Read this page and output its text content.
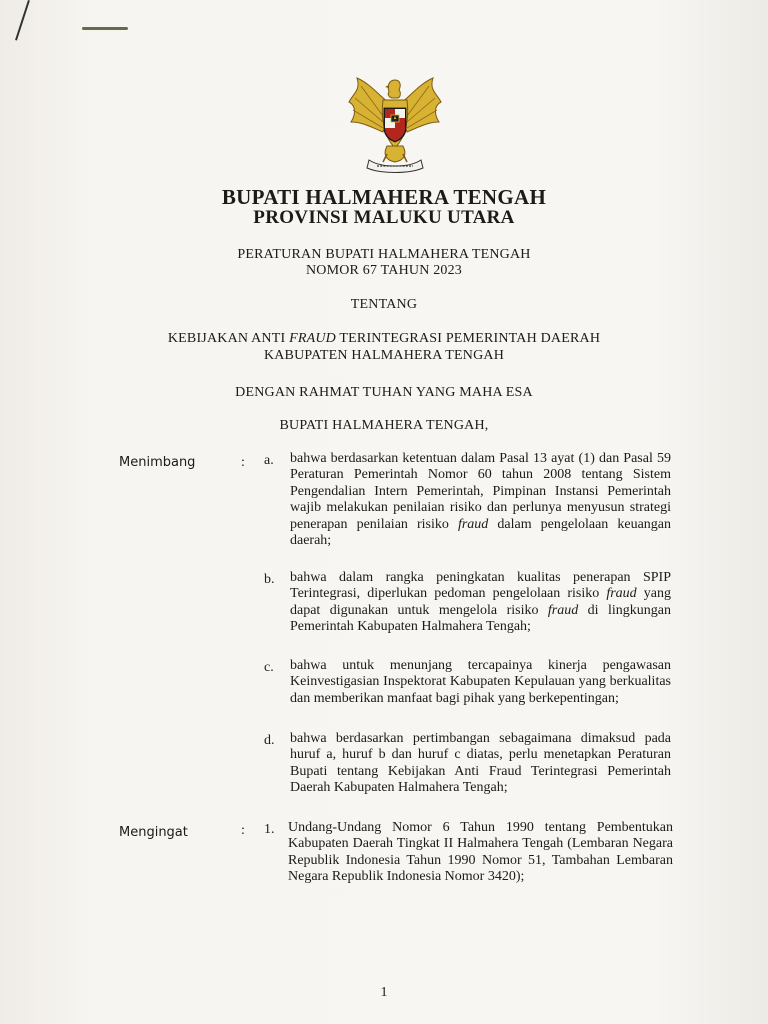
BUPATI HALMAHERA TENGAH
PROVINSI MALUKU UTARA
PERATURAN BUPATI HALMAHERA TENGAH
NOMOR 67 TAHUN 2023
TENTANG
KEBIJAKAN ANTI FRAUD TERINTEGRASI PEMERINTAH DAERAH
KABUPATEN HALMAHERA TENGAH
DENGAN RAHMAT TUHAN YANG MAHA ESA
BUPATI HALMAHERA TENGAH,
Menimbang	: a. bahwa berdasarkan ketentuan dalam Pasal 13 ayat (1) dan Pasal 59 Peraturan Pemerintah Nomor 60 tahun 2008 tentang Sistem Pengendalian Intern Pemerintah, Pimpinan Instansi Pemerintah wajib melakukan penilaian risiko dan perlunya menyusun strategi penerapan penilaian risiko fraud dalam pengelolaan keuangan daerah;
b. bahwa dalam rangka peningkatan kualitas penerapan SPIP Terintegrasi, diperlukan pedoman pengelolaan risiko fraud yang dapat digunakan untuk mengelola risiko fraud di lingkungan Pemerintah Kabupaten Halmahera Tengah;
c. bahwa untuk menunjang tercapainya kinerja pengawasan Keinvestigasian Inspektorat Kabupaten Kepulauan yang berkualitas dan memberikan manfaat bagi pihak yang berkepentingan;
d. bahwa berdasarkan pertimbangan sebagaimana dimaksud pada huruf a, huruf b dan huruf c diatas, perlu menetapkan Peraturan Bupati tentang Kebijakan Anti Fraud Terintegrasi Pemerintah Daerah Kabupaten Halmahera Tengah;
Mengingat	: 1. Undang-Undang Nomor 6 Tahun 1990 tentang Pembentukan Kabupaten Daerah Tingkat II Halmahera Tengah (Lembaran Negara Republik Indonesia Tahun 1990 Nomor 51, Tambahan Lembaran Negara Republik Indonesia Nomor 3420);
1
